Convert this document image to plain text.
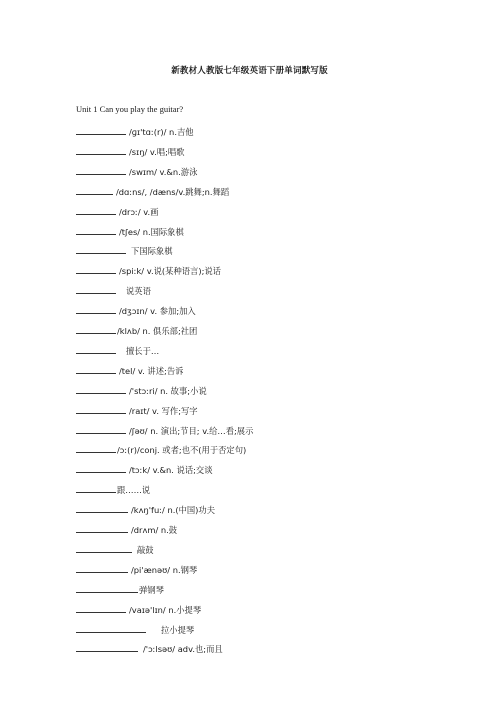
新教材人教版七年级英语下册单词默写版
Unit 1 Can you play the guitar?
/ɡɪ'tɑː(r)/ n.吉他
/sɪŋ/ v.唱;唱歌
/swɪm/ v.&n.游泳
/dɑːns/, /dæns/v.跳舞;n.舞蹈
/drɔː/ v.画
/tʃes/ n.国际象棋
下国际象棋
/spiːk/ v.说(某种语言);说话
说英语
/dʒɔɪn/ v. 参加;加入
/klʌb/ n. 俱乐部;社团
擅长于…
/tel/ v. 讲述;告诉
/'stɔːri/ n. 故事;小说
/raɪt/ v. 写作;写字
/ʃəʊ/ n. 演出;节目; v.给…看;展示
/ɔː(r)/conj. 或者;也不(用于否定句)
/tɔːk/ v.&n. 说话;交谈
跟……说
/kʌŋ'fuː/ n.(中国)功夫
/drʌm/ n.鼓
敲鼓
/pi'ænəʊ/ n.钢琴
弹钢琴
/vaɪə'lɪn/ n.小提琴
拉小提琴
/'ɔːlsəʊ/ adv.也;而且
